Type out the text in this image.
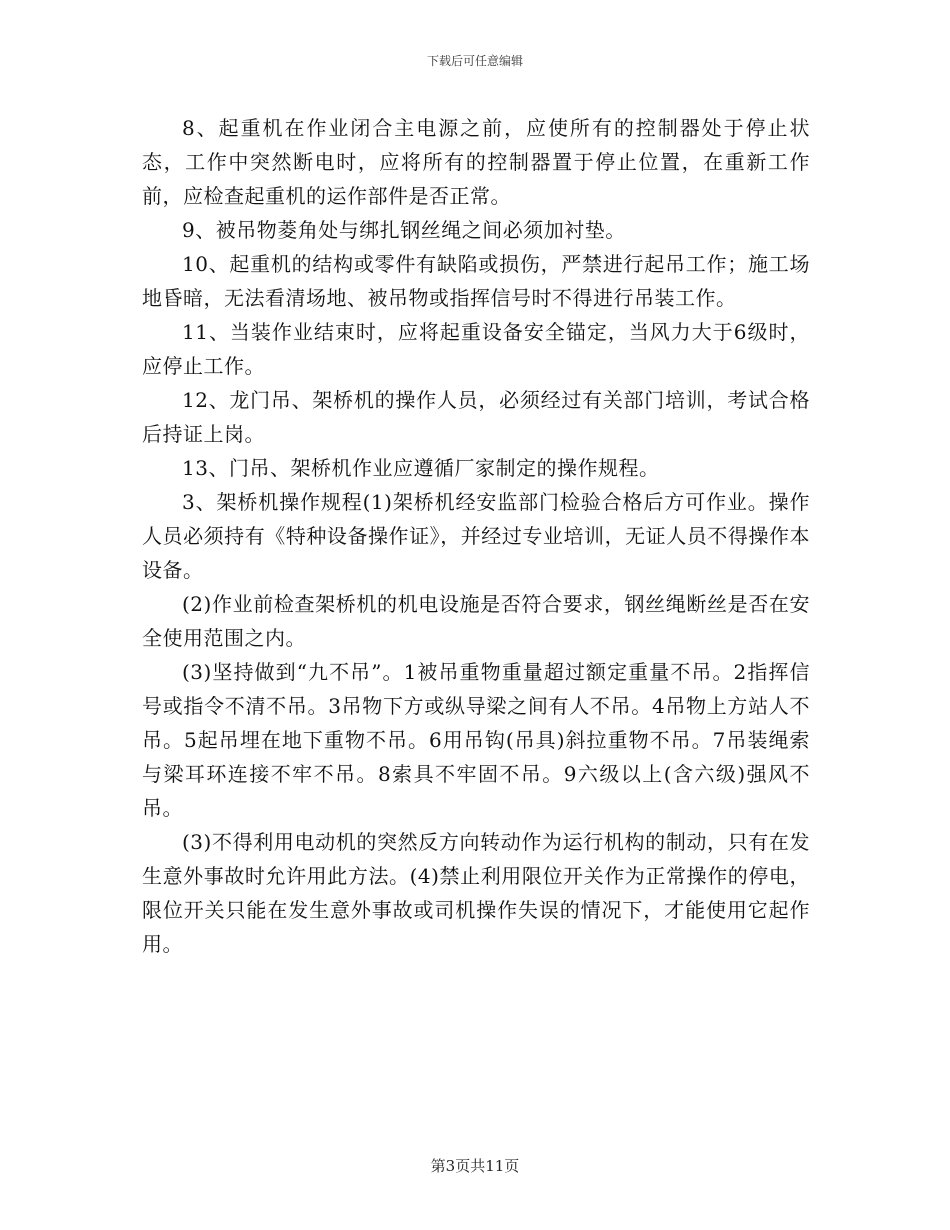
下载后可任意编辑

8、起重机在作业闭合主电源之前，应使所有的控制器处于停止状态，工作中突然断电时，应将所有的控制器置于停止位置，在重新工作前，应检查起重机的运作部件是否正常。

9、被吊物菱角处与绑扎钢丝绳之间必须加衬垫。

10、起重机的结构或零件有缺陷或损伤，严禁进行起吊工作；施工场地昏暗，无法看清场地、被吊物或指挥信号时不得进行吊装工作。

11、当装作业结束时，应将起重设备安全锚定，当风力大于6级时，应停止工作。

12、龙门吊、架桥机的操作人员，必须经过有关部门培训，考试合格后持证上岗。

13、门吊、架桥机作业应遵循厂家制定的操作规程。

3、架桥机操作规程(1)架桥机经安监部门检验合格后方可作业。操作人员必须持有《特种设备操作证》，并经过专业培训，无证人员不得操作本设备。

(2)作业前检查架桥机的机电设施是否符合要求，钢丝绳断丝是否在安全使用范围之内。

(3)坚持做到“九不吊”。1被吊重物重量超过额定重量不吊。2指挥信号或指令不清不吊。3吊物下方或纵导梁之间有人不吊。4吊物上方站人不吊。5起吊埋在地下重物不吊。6用吊钩(吊具)斜拉重物不吊。7吊装绳索与梁耳环连接不牢不吊。8索具不牢固不吊。9六级以上(含六级)强风不吊。

(3)不得利用电动机的突然反方向转动作为运行机构的制动，只有在发生意外事故时允许用此方法。(4)禁止利用限位开关作为正常操作的停电，限位开关只能在发生意外事故或司机操作失误的情况下，才能使用它起作用。

第3页共11页
